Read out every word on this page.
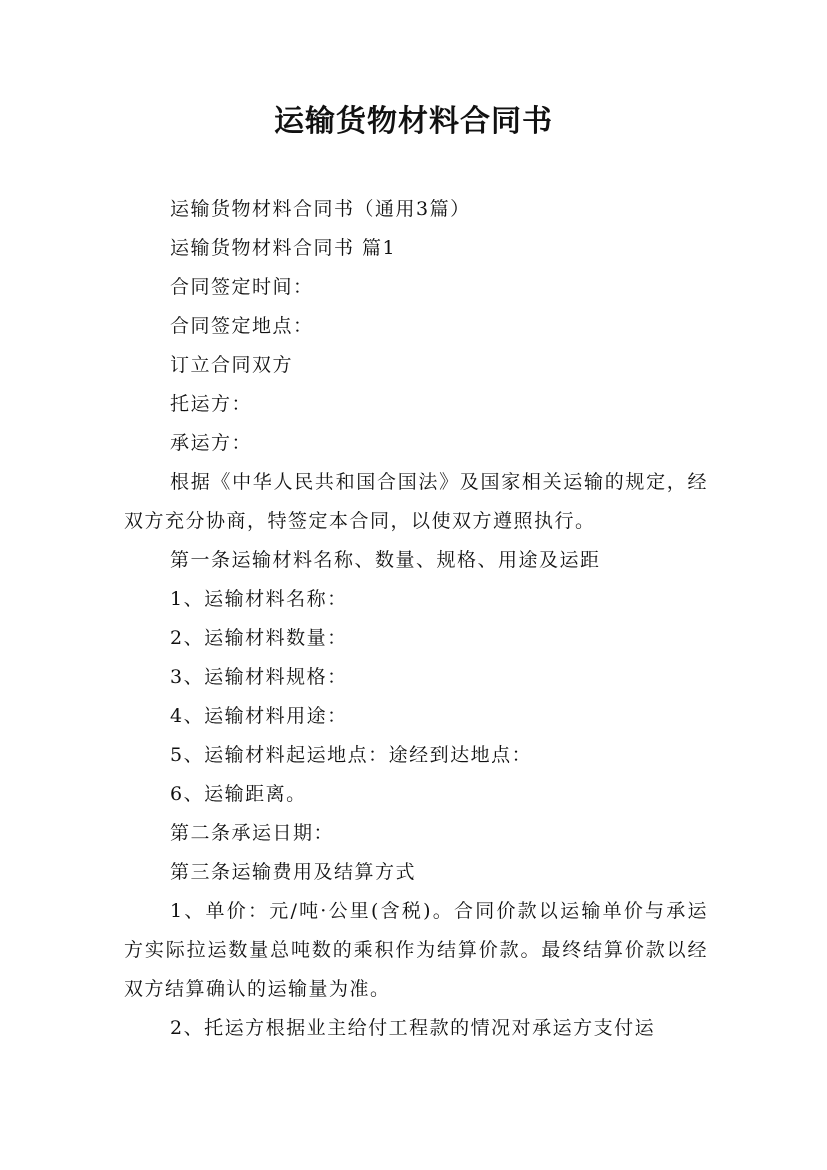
运输货物材料合同书

运输货物材料合同书（通用3篇）

运输货物材料合同书 篇1

合同签定时间：

合同签定地点：

订立合同双方

托运方：

承运方：

根据《中华人民共和国合国法》及国家相关运输的规定，经双方充分协商，特签定本合同，以使双方遵照执行。

第一条运输材料名称、数量、规格、用途及运距

1、运输材料名称：

2、运输材料数量：

3、运输材料规格：

4、运输材料用途：

5、运输材料起运地点：途经到达地点：

6、运输距离。

第二条承运日期：

第三条运输费用及结算方式

1、单价：元/吨·公里(含税)。合同价款以运输单价与承运方实际拉运数量总吨数的乘积作为结算价款。最终结算价款以经双方结算确认的运输量为准。

2、托运方根据业主给付工程款的情况对承运方支付运
